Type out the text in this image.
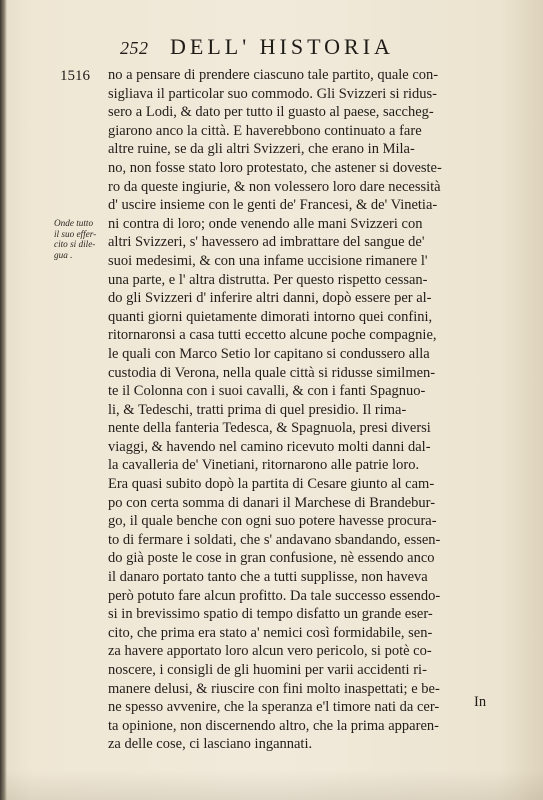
252 DELL' HISTORIA
1516
Onde tutto
il suo effer-
cito si dile-
gua .
no a pensare di prendere ciascuno tale partito, quale con-
sigliava il particolar suo commodo. Gli Svizzeri si ridus-
sero a Lodi, & dato per tutto il guasto al paese, saccheg-
giarono anco la città. E haverebbono continuato a fare
altre ruine, se da gli altri Svizzeri, che erano in Mila-
no, non fosse stato loro protestato, che astener si doveste-
ro da queste ingiurie, & non volessero loro dare necessità
d' uscire insieme con le genti de' Francesi, & de' Vinetia-
ni contra di loro; onde venendo alle mani Svizzeri con
altri Svizzeri, s' havessero ad imbrattare del sangue de'
suoi medesimi, & con una infame uccisione rimanere l'
una parte, e l' altra distrutta. Per questo rispetto cessan-
do gli Svizzeri d' inferire altri danni, dopò essere per al-
quanti giorni quietamente dimorati intorno quei confini,
ritornaronsi a casa tutti eccetto alcune poche compagnie,
le quali con Marco Setio lor capitano si condussero alla
custodia di Verona, nella quale città si ridusse similmen-
te il Colonna con i suoi cavalli, & con i fanti Spagnuo-
li, & Tedeschi, tratti prima di quel presidio. Il rima-
nente della fanteria Tedesca, & Spagnuola, presi diversi
viaggi, & havendo nel camino ricevuto molti danni dal-
la cavalleria de' Vinetiani, ritornarono alle patrie loro.
Era quasi subito dopò la partita di Cesare giunto al cam-
po con certa somma di danari il Marchese di Brandebur-
go, il quale benche con ogni suo potere havesse procura-
to di fermare i soldati, che s' andavano sbandando, essen-
do già poste le cose in gran confusione, nè essendo anco
il danaro portato tanto che a tutti supplisse, non haveva
però potuto fare alcun profitto. Da tale successo essendo-
si in brevissimo spatio di tempo disfatto un grande eser-
cito, che prima era stato a' nemici così formidabile, sen-
za havere apportato loro alcun vero pericolo, si potè co-
noscere, i consigli de gli huomini per varii accidenti ri-
manere delusi, & riuscire con fini molto inaspettati; e be-
ne spesso avvenire, che la speranza e'l timore nati da cer-
ta opinione, non discernendo altro, che la prima apparen-
za delle cose, ci lasciano ingannati.
In
